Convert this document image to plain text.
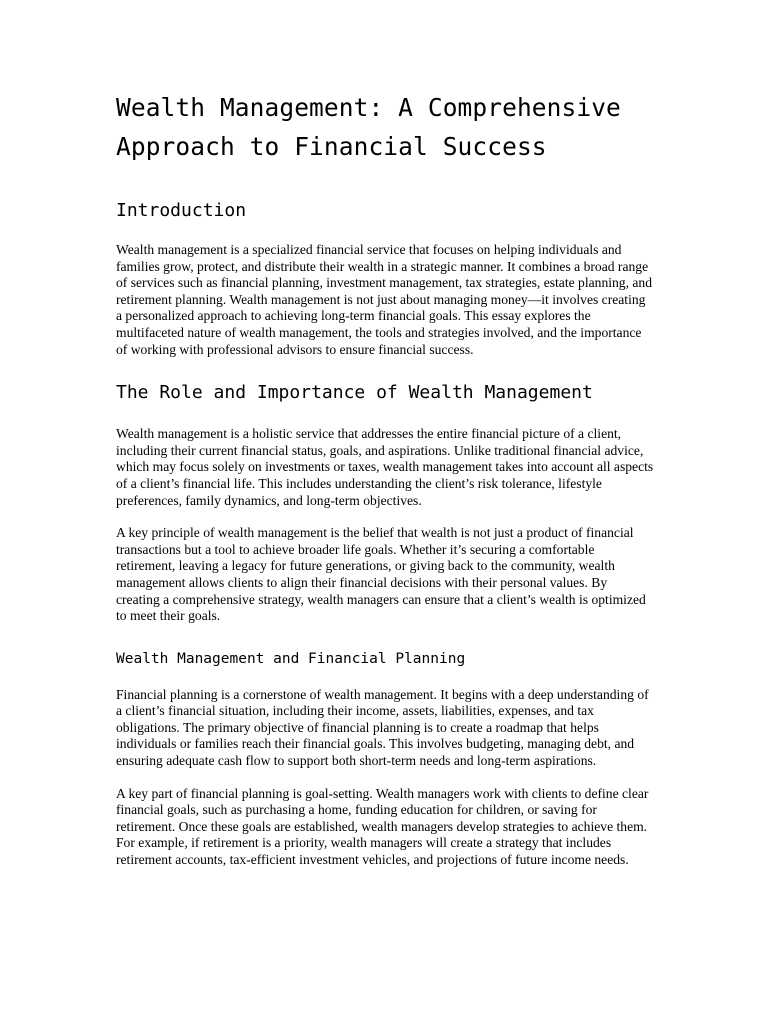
Wealth Management: A Comprehensive Approach to Financial Success
Introduction

Wealth management is a specialized financial service that focuses on helping individuals and families grow, protect, and distribute their wealth in a strategic manner. It combines a broad range of services such as financial planning, investment management, tax strategies, estate planning, and retirement planning. Wealth management is not just about managing money—it involves creating a personalized approach to achieving long-term financial goals. This essay explores the multifaceted nature of wealth management, the tools and strategies involved, and the importance of working with professional advisors to ensure financial success.

The Role and Importance of Wealth Management

Wealth management is a holistic service that addresses the entire financial picture of a client, including their current financial status, goals, and aspirations. Unlike traditional financial advice, which may focus solely on investments or taxes, wealth management takes into account all aspects of a client’s financial life. This includes understanding the client’s risk tolerance, lifestyle preferences, family dynamics, and long-term objectives.

A key principle of wealth management is the belief that wealth is not just a product of financial transactions but a tool to achieve broader life goals. Whether it’s securing a comfortable retirement, leaving a legacy for future generations, or giving back to the community, wealth management allows clients to align their financial decisions with their personal values. By creating a comprehensive strategy, wealth managers can ensure that a client’s wealth is optimized to meet their goals.

Wealth Management and Financial Planning

Financial planning is a cornerstone of wealth management. It begins with a deep understanding of a client’s financial situation, including their income, assets, liabilities, expenses, and tax obligations. The primary objective of financial planning is to create a roadmap that helps individuals or families reach their financial goals. This involves budgeting, managing debt, and ensuring adequate cash flow to support both short-term needs and long-term aspirations.

A key part of financial planning is goal-setting. Wealth managers work with clients to define clear financial goals, such as purchasing a home, funding education for children, or saving for retirement. Once these goals are established, wealth managers develop strategies to achieve them. For example, if retirement is a priority, wealth managers will create a strategy that includes retirement accounts, tax-efficient investment vehicles, and projections of future income needs.
